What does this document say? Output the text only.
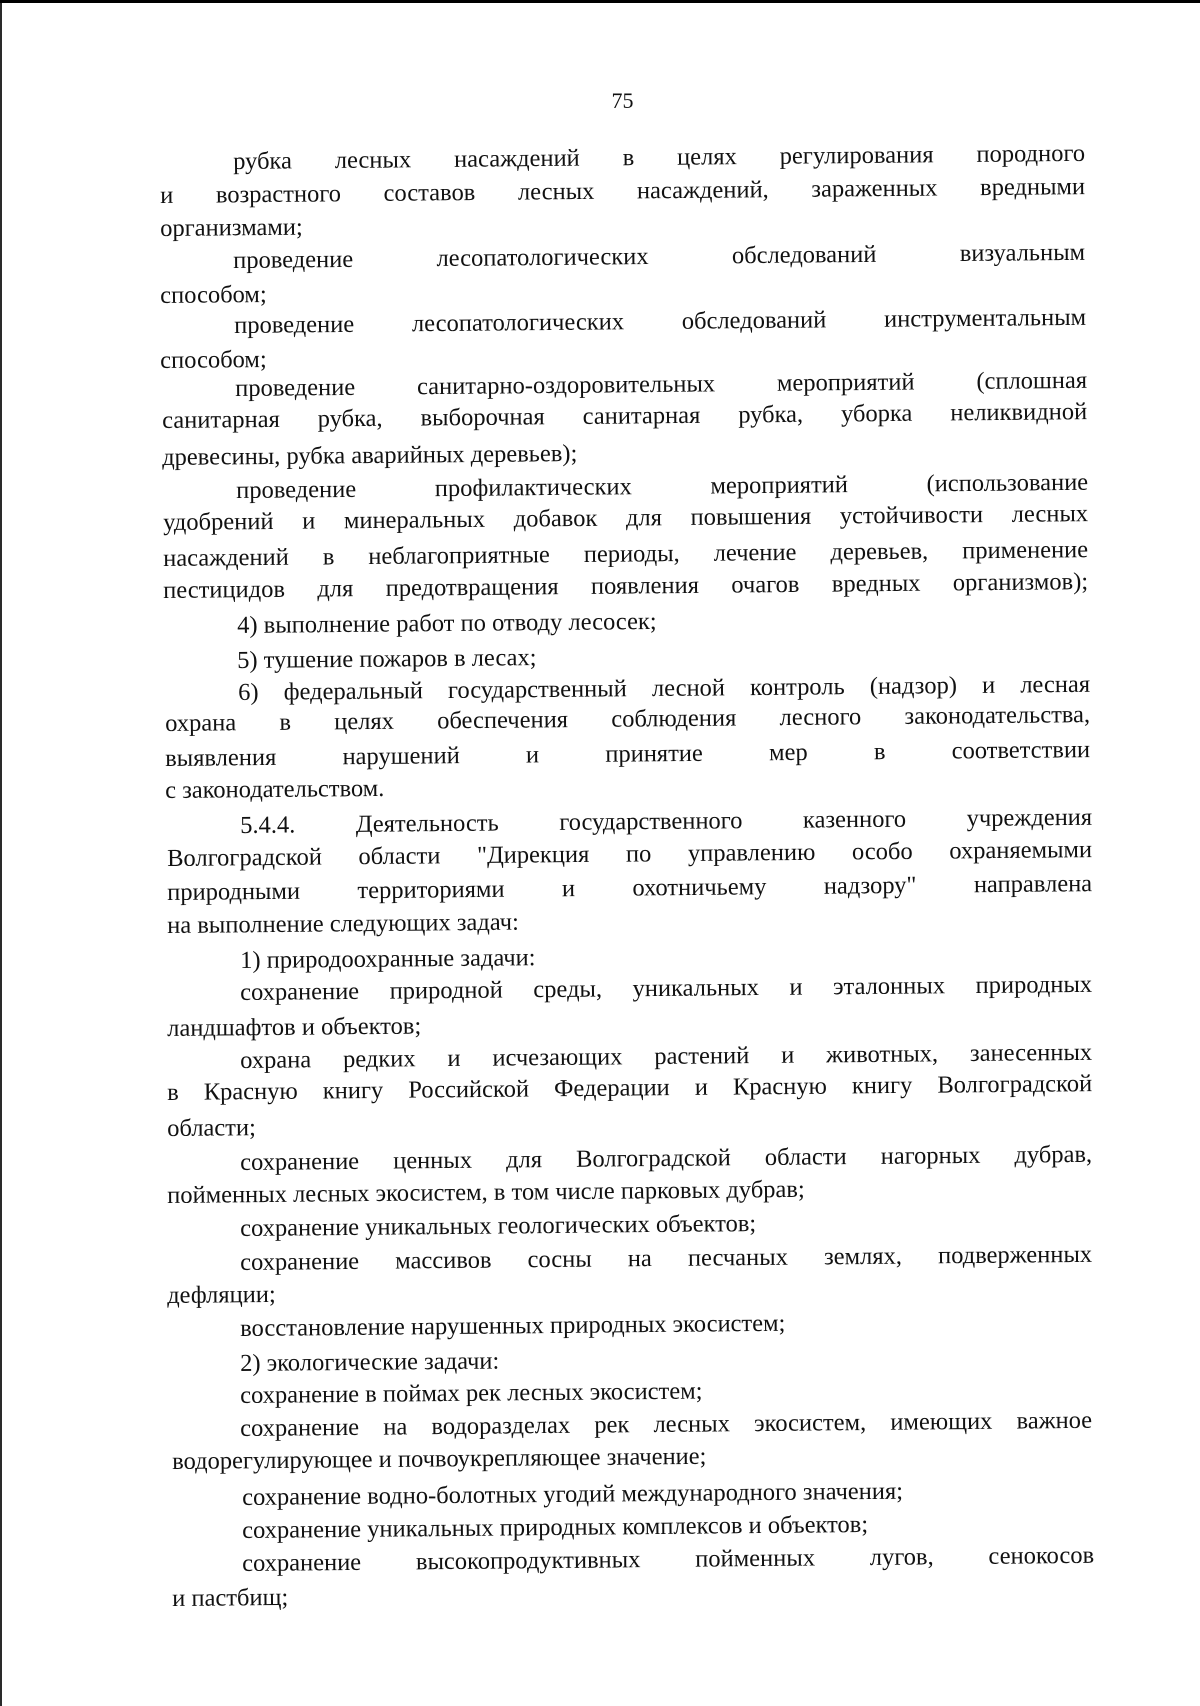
75
рубка лесных насаждений в целях регулирования породного
и возрастного составов лесных насаждений, зараженных вредными
организмами;
проведение лесопатологических обследований визуальным
способом;
проведение лесопатологических обследований инструментальным
способом;
проведение санитарно-оздоровительных мероприятий (сплошная
санитарная рубка, выборочная санитарная рубка, уборка неликвидной
древесины, рубка аварийных деревьев);
проведение профилактических мероприятий (использование
удобрений и минеральных добавок для повышения устойчивости лесных
насаждений в неблагоприятные периоды, лечение деревьев, применение
пестицидов для предотвращения появления очагов вредных организмов);
4) выполнение работ по отводу лесосек;
5) тушение пожаров в лесах;
6) федеральный государственный лесной контроль (надзор) и лесная
охрана в целях обеспечения соблюдения лесного законодательства,
выявления нарушений и принятие мер в соответствии
с законодательством.
5.4.4. Деятельность государственного казенного учреждения
Волгоградской области "Дирекция по управлению особо охраняемыми
природными территориями и охотничьему надзору" направлена
на выполнение следующих задач:
1) природоохранные задачи:
сохранение природной среды, уникальных и эталонных природных
ландшафтов и объектов;
охрана редких и исчезающих растений и животных, занесенных
в Красную книгу Российской Федерации и Красную книгу Волгоградской
области;
сохранение ценных для Волгоградской области нагорных дубрав,
пойменных лесных экосистем, в том числе парковых дубрав;
сохранение уникальных геологических объектов;
сохранение массивов сосны на песчаных землях, подверженных
дефляции;
восстановление нарушенных природных экосистем;
2) экологические задачи:
сохранение в поймах рек лесных экосистем;
сохранение на водоразделах рек лесных экосистем, имеющих важное
водорегулирующее и почвоукрепляющее значение;
сохранение водно-болотных угодий международного значения;
сохранение уникальных природных комплексов и объектов;
сохранение высокопродуктивных пойменных лугов, сенокосов
и пастбищ;
